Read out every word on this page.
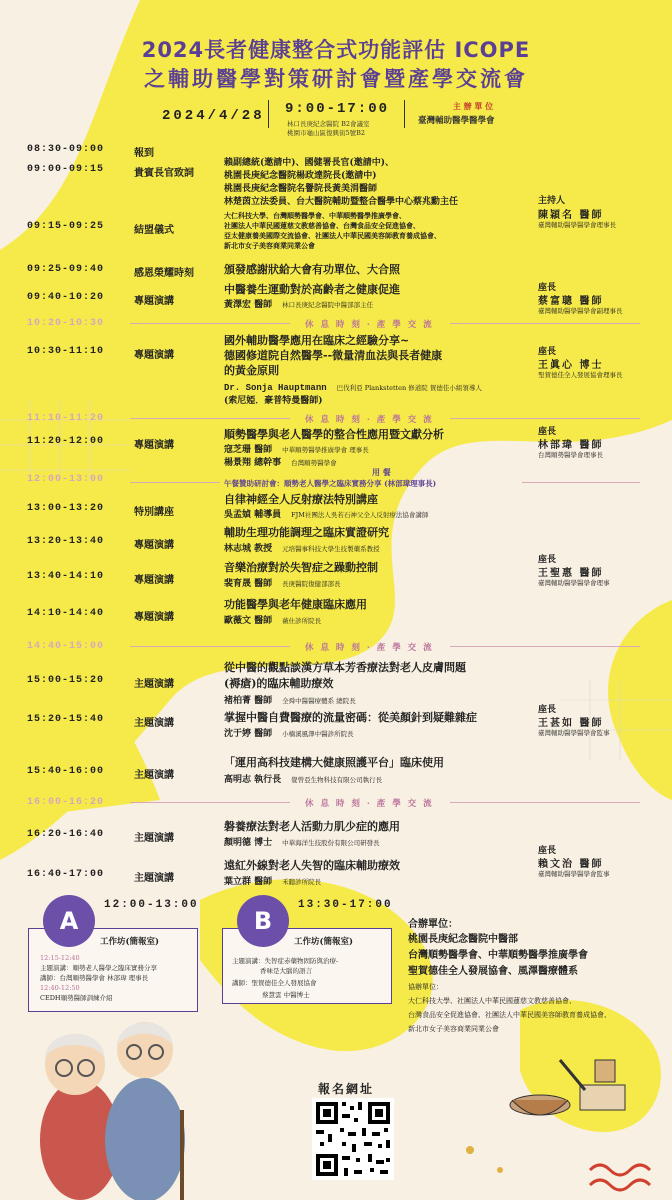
2024長者健康整合式功能評估 ICOPE
之輔助醫學對策研討會暨產學交流會
2024/4/28 9:00-17:00
林口長庚紀念醫院 B2會議室
桃園市龜山區復興街5號B2
主 辦 單 位
臺灣輔助醫學醫學會
08:30-09:00	報到
09:00-09:15	貴賓長官致詞
賴副總統(邀請中)、國健署長官(邀請中)、
桃園長庚紀念醫院楊政達院長(邀請中)
桃園長庚紀念醫院名譽院長黃美涓醫師
林楚茵立法委員、台大醫院輔助暨整合醫學中心蔡兆勳主任
09:15-09:25	結盟儀式
大仁科技大學、台灣順勢醫學會、中華順勢醫學推廣學會、
社團法人中華民國蓮慈文教慈善協會、台灣食品安全促進協會、
亞太健康養美國際交流協會、社團法人中華民國美容師教育養成協會、
新北市女子美容商業同業公會
主持人
陳穎名 醫師
臺灣輔助醫學醫學會理事長
09:25-09:40	感恩榮耀時刻	頒發感謝狀給大會有功單位、大合照
09:40-10:20	專題演講
中醫養生運動對於高齡者之健康促進
黃澤宏 醫師 林口長庚紀念醫院中醫部部主任
座長
蔡富聰 醫師
臺灣輔助醫學醫學會副理事長
10:20-10:30	休 息 時 刻 · 產 學 交 流
10:30-11:10	專題演講
國外輔助醫學應用在臨床之經驗分享~
德國修道院自然醫學--微量清血法與長者健康
的黃金原則
Dr. Sonja Hauptmann 巴伐利亞 Plankstetten 修道院 賀德佳小組領導人
(索尼婭．豪普特曼醫師)
座長
王眞心 博士
聖賀德佳全人發展協會理事長
11:10-11:20	休 息 時 刻 · 產 學 交 流
11:20-12:00	專題演講
順勢醫學與老人醫學的整合性應用暨文獻分析
寇芝珊 醫師 中華順勢醫學推廣學會 理事長
楊景翔 總幹事 台灣順勢醫學會
座長
林部瑋 醫師
台灣順勢醫學會理事長
12:00-13:00
用 餐
午餐贊助研討會：順勢老人醫學之臨床實務分享 (林部瑋理事長)
13:00-13:20	特別講座
自律神經全人反射療法特別講座
吳孟媜 輔導員 FJM社團法人吳若石神父全人反射療法協會講師
13:20-13:40	專題演講
輔助生理功能調理之臨床實證研究
林志城 教授 元培醫事科技大學生技製藥系教授
13:40-14:10	專題演講
音樂治療對於失智症之躁動控制
裴育晟 醫師 長庚醫院復健部部長
14:10-14:40	專題演講
功能醫學與老年健康臨床應用
歐薇文 醫師 薇仕診所院長
座長
王聖惠 醫師
臺灣輔助醫學醫學會理事
14:40-15:00	休 息 時 刻 · 產 學 交 流
15:00-15:20	主題演講
從中醫的觀點談漢方草本芳香療法對老人皮膚問題
(褥瘡)的臨床輔助療效
褚柏菁 醫師 全舜中醫醫療體系 總院長
15:20-15:40	主題演講	掌握中醫自費醫療的流量密碼：從美顏針到疑難雜症
沈于婷 醫師 小楠溪風澤中醫診所院長
座長
王甚如 醫師
臺灣輔助醫學醫學會監事
15:40-16:00	主題演講
「運用高科技建構大健康照護平台」臨床使用
高明志 執行長 覺曾亞生物科技有限公司執行長
16:00-16:20	休 息 時 刻 · 產 學 交 流
16:20-16:40	主題演講
磐養療法對老人活動力肌少症的應用
顏明德 博士 中華海洋生技股份有限公司研發長
16:40-17:00	主題演講
遠紅外線對老人失智的臨床輔助療效
葉立群 醫師 禾聽診所院長
座長
賴文治 醫師
臺灣輔助醫學醫學會監事
A
12:00-13:00
工作坊(簡報室)
12:15-12:40
主題演講：順勢老人醫學之臨床實務分享
講師：台灣順勢醫學會 林部瑋 理事長
12:40-12:50
CEDH順勢醫師訓練介紹
B
13:30-17:00
工作坊(簡報室)
主題演講：失智症赤藥物固防與治療-
香味是大腦的語言
講師：聖賀德佳全人發展協會
蔡慧雲 中醫博士
合辦單位：
桃園長庚紀念醫院中醫部
台灣順勢醫學會、中華順勢醫學推廣學會
聖賀德佳全人發展協會、風澤醫療體系
協辦單位：
大仁科技大學、社團法人中華民國蓮慈文教慈善協會、
台灣食品安全促進協會、社團法人中華民國美容師教育養成協會、
新北市女子美容商業同業公會
報名網址
